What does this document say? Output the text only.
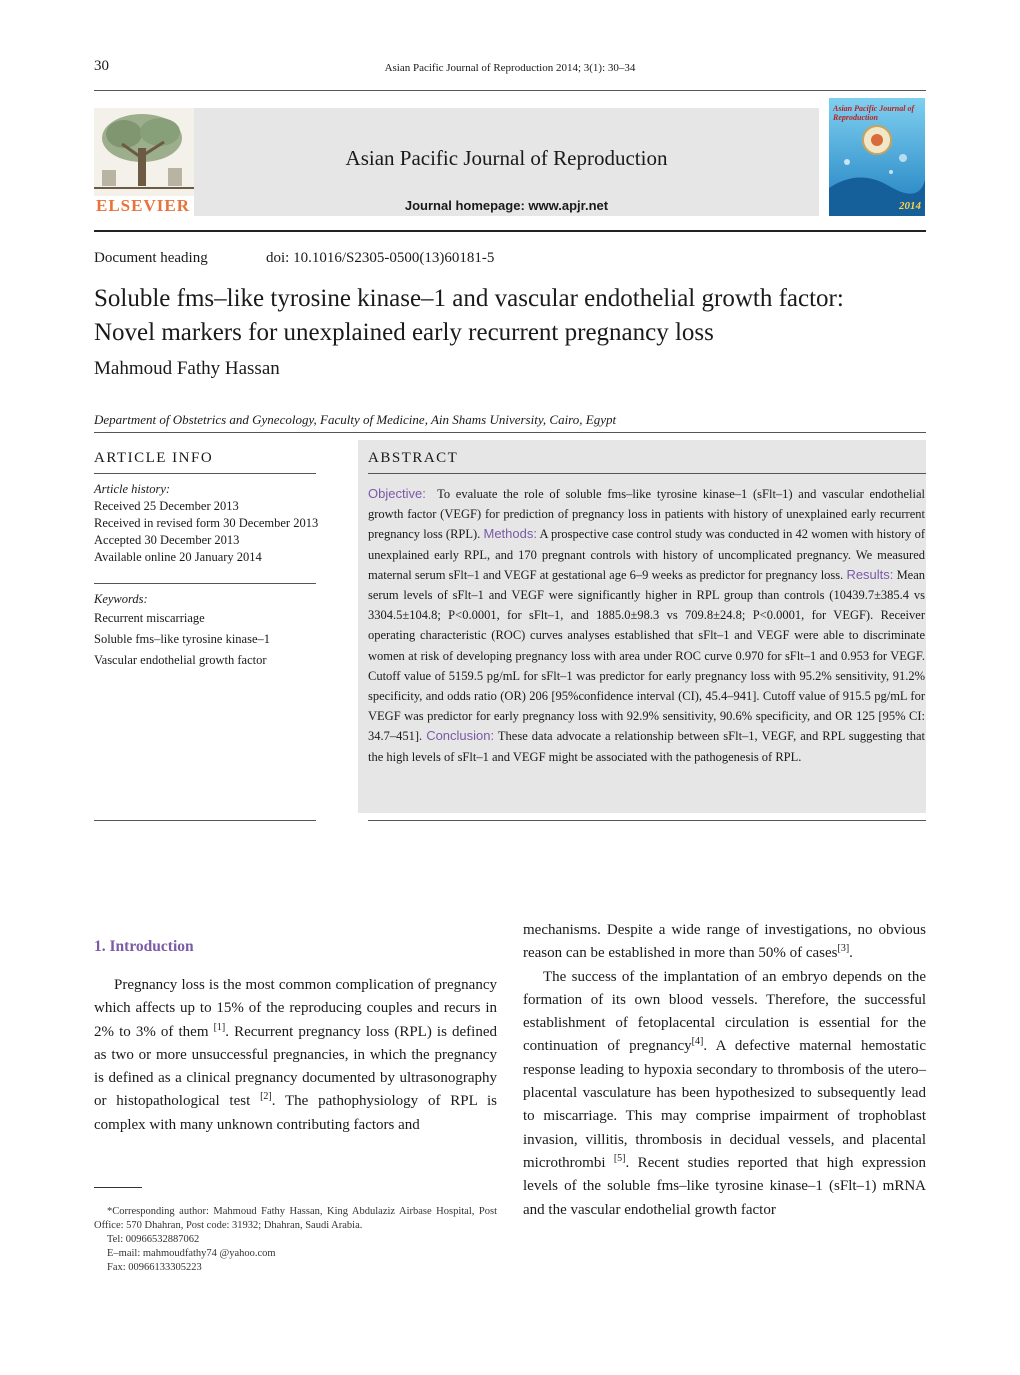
30	Asian Pacific Journal of Reproduction 2014; 3(1): 30–34
ELSEVIER
Asian Pacific Journal of Reproduction
Journal homepage: www.apjr.net
Asian Pacific Journal of Reproduction
2014
Document heading	doi: 10.1016/S2305-0500(13)60181-5
Soluble fms–like tyrosine kinase–1 and vascular endothelial growth factor:
Novel markers for unexplained early recurrent pregnancy loss
Mahmoud Fathy Hassan
Department of Obstetrics and Gynecology, Faculty of Medicine, Ain Shams University, Cairo, Egypt
ARTICLE INFO
Article history:
Received 25 December 2013
Received in revised form 30 December 2013
Accepted 30 December 2013
Available online 20 January 2014
Keywords:
Recurrent miscarriage
Soluble fms–like tyrosine kinase–1
Vascular endothelial growth factor
ABSTRACT
Objective: To evaluate the role of soluble fms–like tyrosine kinase–1 (sFlt–1) and vascular endothelial growth factor (VEGF) for prediction of pregnancy loss in patients with history of unexplained early recurrent pregnancy loss (RPL). Methods: A prospective case control study was conducted in 42 women with history of unexplained early RPL, and 170 pregnant controls with history of uncomplicated pregnancy. We measured maternal serum sFlt–1 and VEGF at gestational age 6–9 weeks as predictor for pregnancy loss. Results: Mean serum levels of sFlt–1 and VEGF were significantly higher in RPL group than controls (10439.7±385.4 vs 3304.5±104.8; P<0.0001, for sFlt–1, and 1885.0±98.3 vs 709.8±24.8; P<0.0001, for VEGF). Receiver operating characteristic (ROC) curves analyses established that sFlt–1 and VEGF were able to discriminate women at risk of developing pregnancy loss with area under ROC curve 0.970 for sFlt–1 and 0.953 for VEGF. Cutoff value of 5159.5 pg/mL for sFlt–1 was predictor for early pregnancy loss with 95.2% sensitivity, 91.2% specificity, and odds ratio (OR) 206 [95%confidence interval (CI), 45.4–941]. Cutoff value of 915.5 pg/mL for VEGF was predictor for early pregnancy loss with 92.9% sensitivity, 90.6% specificity, and OR 125 [95% CI: 34.7–451]. Conclusion: These data advocate a relationship between sFlt–1, VEGF, and RPL suggesting that the high levels of sFlt–1 and VEGF might be associated with the pathogenesis of RPL.
1. Introduction

Pregnancy loss is the most common complication of pregnancy which affects up to 15% of the reproducing couples and recurs in 2% to 3% of them [1]. Recurrent pregnancy loss (RPL) is defined as two or more unsuccessful pregnancies, in which the pregnancy is defined as a clinical pregnancy documented by ultrasonography or histopathological test [2]. The pathophysiology of RPL is complex with many unknown contributing factors and

mechanisms. Despite a wide range of investigations, no obvious reason can be established in more than 50% of cases[3].

The success of the implantation of an embryo depends on the formation of its own blood vessels. Therefore, the successful establishment of fetoplacental circulation is essential for the continuation of pregnancy[4]. A defective maternal hemostatic response leading to hypoxia secondary to thrombosis of the utero–placental vasculature has been hypothesized to subsequently lead to miscarriage. This may comprise impairment of trophoblast invasion, villitis, thrombosis in decidual vessels, and placental microthrombi [5]. Recent studies reported that high expression levels of the soluble fms–like tyrosine kinase–1 (sFlt–1) mRNA and the vascular endothelial growth factor

*Corresponding author: Mahmoud Fathy Hassan, King Abdulaziz Airbase Hospital, Post Office: 570 Dhahran, Post code: 31932; Dhahran, Saudi Arabia.
Tel: 00966532887062
E–mail: mahmoudfathy74 @yahoo.com
Fax: 00966133305223
